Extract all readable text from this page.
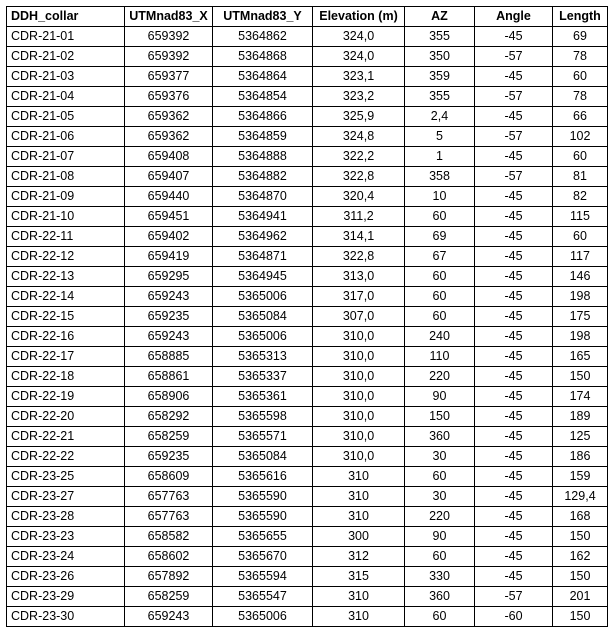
DDH_collar	UTMnad83_X	UTMnad83_Y	Elevation (m)	AZ	Angle	Length
CDR-21-01	659392	5364862	324,0	355	-45	69
CDR-21-02	659392	5364868	324,0	350	-57	78
CDR-21-03	659377	5364864	323,1	359	-45	60
CDR-21-04	659376	5364854	323,2	355	-57	78
CDR-21-05	659362	5364866	325,9	2,4	-45	66
CDR-21-06	659362	5364859	324,8	5	-57	102
CDR-21-07	659408	5364888	322,2	1	-45	60
CDR-21-08	659407	5364882	322,8	358	-57	81
CDR-21-09	659440	5364870	320,4	10	-45	82
CDR-21-10	659451	5364941	311,2	60	-45	115
CDR-22-11	659402	5364962	314,1	69	-45	60
CDR-22-12	659419	5364871	322,8	67	-45	117
CDR-22-13	659295	5364945	313,0	60	-45	146
CDR-22-14	659243	5365006	317,0	60	-45	198
CDR-22-15	659235	5365084	307,0	60	-45	175
CDR-22-16	659243	5365006	310,0	240	-45	198
CDR-22-17	658885	5365313	310,0	110	-45	165
CDR-22-18	658861	5365337	310,0	220	-45	150
CDR-22-19	658906	5365361	310,0	90	-45	174
CDR-22-20	658292	5365598	310,0	150	-45	189
CDR-22-21	658259	5365571	310,0	360	-45	125
CDR-22-22	659235	5365084	310,0	30	-45	186
CDR-23-25	658609	5365616	310	60	-45	159
CDR-23-27	657763	5365590	310	30	-45	129,4
CDR-23-28	657763	5365590	310	220	-45	168
CDR-23-23	658582	5365655	300	90	-45	150
CDR-23-24	658602	5365670	312	60	-45	162
CDR-23-26	657892	5365594	315	330	-45	150
CDR-23-29	658259	5365547	310	360	-57	201
CDR-23-30	659243	5365006	310	60	-60	150
